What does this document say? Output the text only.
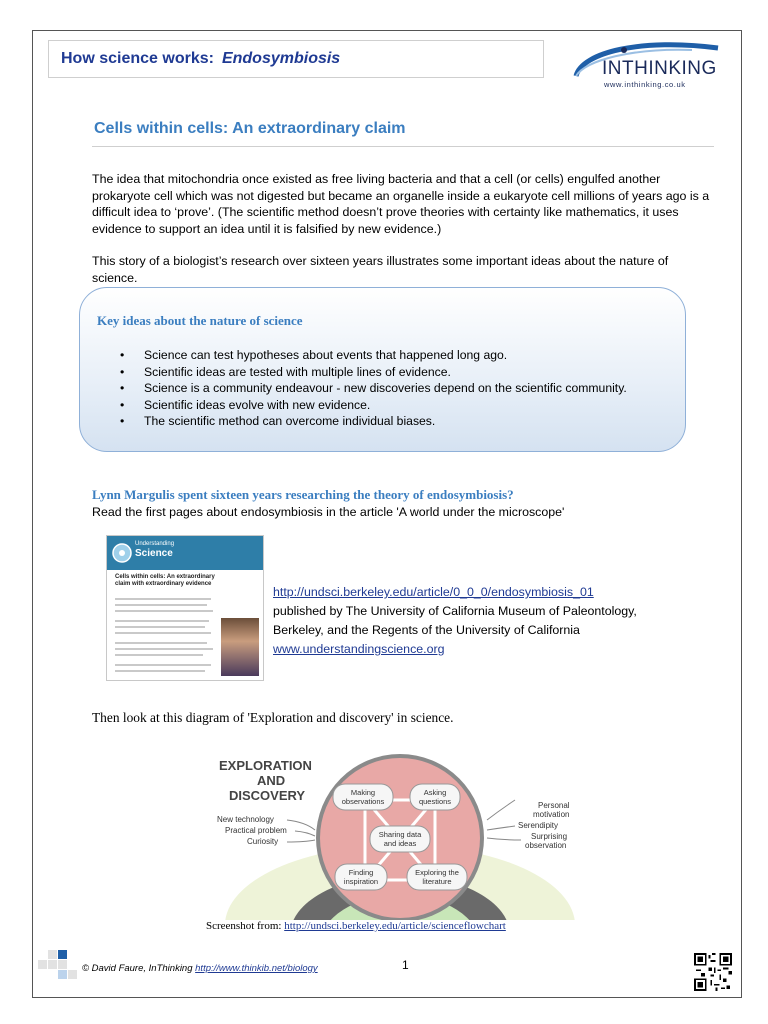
How science works: Endosymbiosis	INTHINKING
www.inthinking.co.uk
Cells within cells: An extraordinary claim
The idea that mitochondria once existed as free living bacteria and that a cell (or cells) engulfed another prokaryote cell which was not digested but became an organelle inside a eukaryote cell millions of years ago is a difficult idea to ‘prove’. (The scientific method doesn’t prove theories with certainty like mathematics, it uses evidence to support an idea until it is falsified by new evidence.)
This story of a biologist’s research over sixteen years illustrates some important ideas about the nature of science.
Key ideas about the nature of science
• Science can test hypotheses about events that happened long ago.
• Scientific ideas are tested with multiple lines of evidence.
• Science is a community endeavour - new discoveries depend on the scientific community.
• Scientific ideas evolve with new evidence.
• The scientific method can overcome individual biases.
Lynn Margulis spent sixteen years researching the theory of endosymbiosis?
Read the first pages about endosymbiosis in the article 'A world under the microscope'
Understanding
Science
Cells within cells: An extraordinary claim with extraordinary evidence
http://undsci.berkeley.edu/article/0_0_0/endosymbiosis_01
published by The University of California Museum of Paleontology,
Berkeley, and the Regents of the University of California
www.understandingscience.org
Then look at this diagram of 'Exploration and discovery' in science.
EXPLORATION
AND
DISCOVERY
New technology
Practical problem
Curiosity
Personal
motivation
Serendipity
Surprising
observation
Making
observations
Asking
questions
Sharing data
and ideas
Finding
inspiration
Exploring the
literature
Screenshot from: http://undsci.berkeley.edu/article/scienceflowchart
© David Faure, InThinking http://www.thinkib.net/biology	1
